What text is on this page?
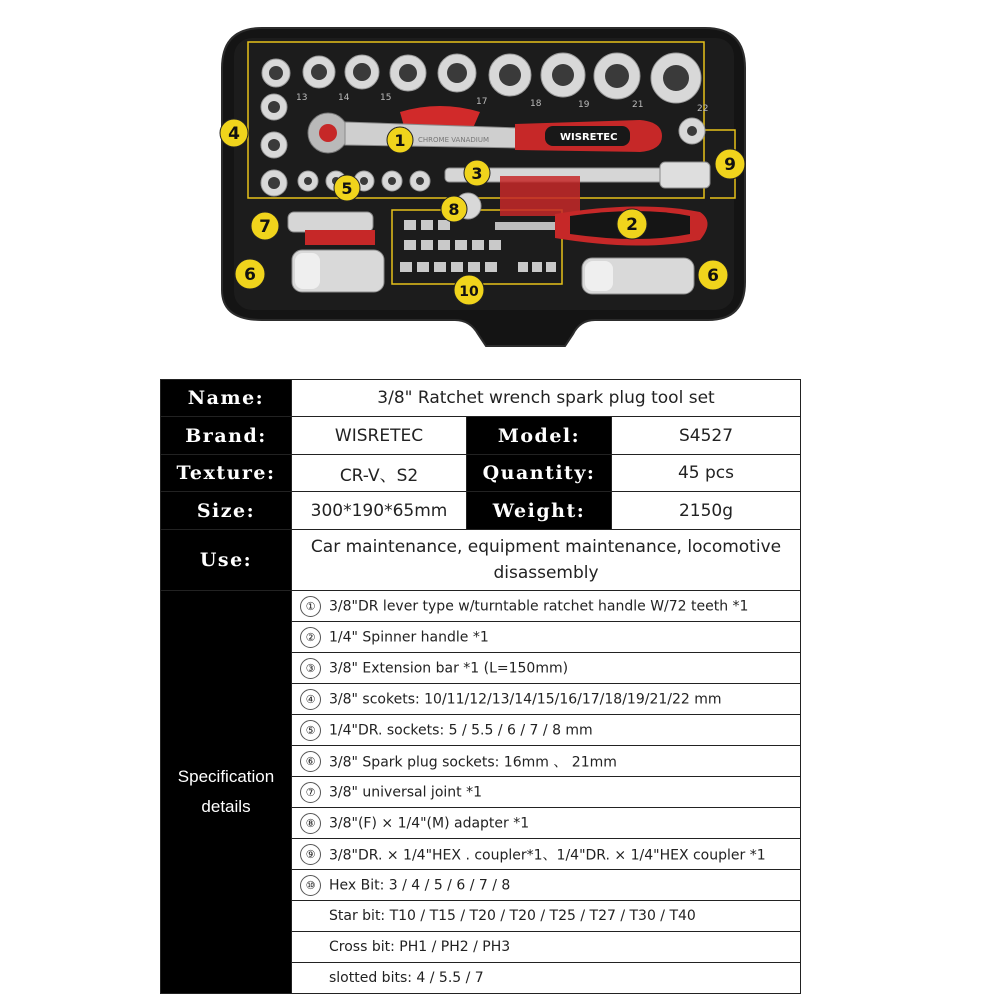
13	14	15	17	18	19	21	22
CHROME VANADIUM	WISRETEC
1
2
3
4
5
6
7
8
9
10
6
Name:	3/8" Ratchet wrench spark plug tool set		
Brand:	WISRETEC	Model:	S4527
Texture:	CR-V、S2	Quantity:	45 pcs
Size:	300*190*65mm	Weight:	2150g
Use:	Car maintenance, equipment maintenance, locomotive disassembly		

Specification
details	① 3/8"DR lever type w/turntable ratchet handle W/72 teeth *1		
	② 1/4" Spinner handle *1		
	③ 3/8" Extension bar *1 (L=150mm)		
	④ 3/8" scokets: 10/11/12/13/14/15/16/17/18/19/21/22 mm		
	⑤ 1/4"DR. sockets: 5 / 5.5 / 6 / 7 / 8 mm		
	⑥ 3/8" Spark plug sockets: 16mm 、 21mm		
	⑦ 3/8" universal joint *1		
	⑧ 3/8"(F) × 1/4"(M) adapter *1		
	⑨ 3/8"DR. × 1/4"HEX . coupler*1、1/4"DR. × 1/4"HEX coupler *1		
	⑩ Hex Bit: 3 / 4 / 5 / 6 / 7 / 8		
	Star bit: T10 / T15 / T20 / T20 / T25 / T27 / T30 / T40		
	Cross bit: PH1 / PH2 / PH3		
	slotted bits: 4 / 5.5 / 7		
